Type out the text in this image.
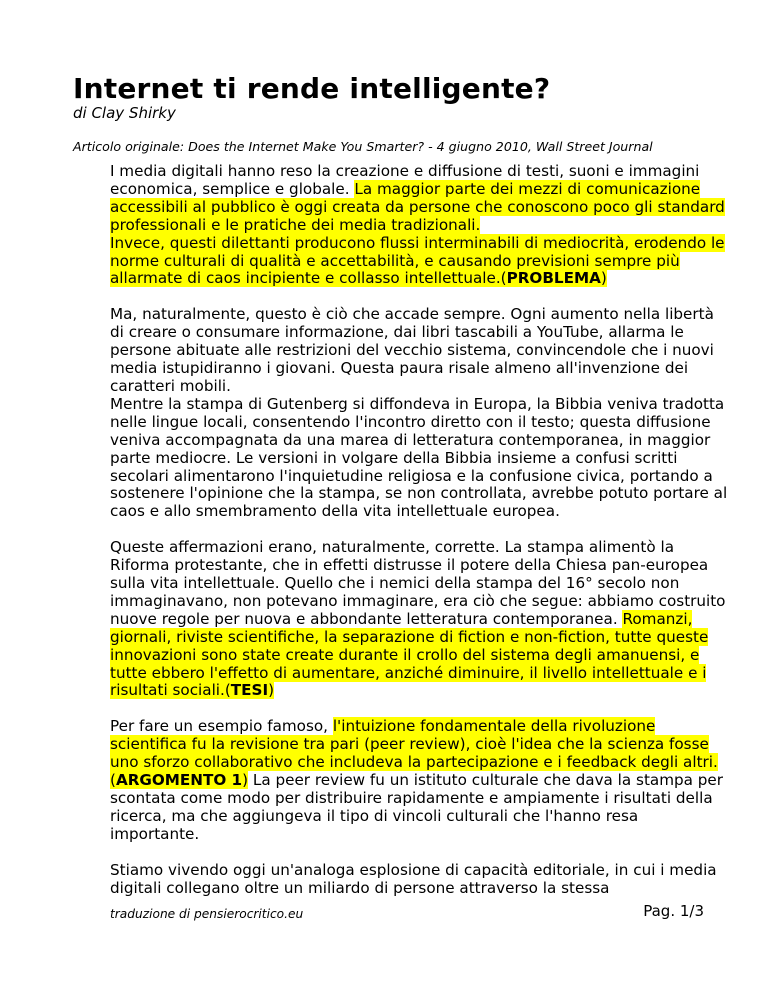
Internet ti rende intelligente?

di Clay Shirky

Articolo originale: Does the Internet Make You Smarter? - 4 giugno 2010, Wall Street Journal

I media digitali hanno reso la creazione e diffusione di testi, suoni e immagini economica, semplice e globale. La maggior parte dei mezzi di comunicazione accessibili al pubblico è oggi creata da persone che conoscono poco gli standard professionali e le pratiche dei media tradizionali.
Invece, questi dilettanti producono flussi interminabili di mediocrità, erodendo le norme culturali di qualità e accettabilità, e causando previsioni sempre più allarmate di caos incipiente e collasso intellettuale.(PROBLEMA)

Ma, naturalmente, questo è ciò che accade sempre. Ogni aumento nella libertà di creare o consumare informazione, dai libri tascabili a YouTube, allarma le persone abituate alle restrizioni del vecchio sistema, convincendole che i nuovi media istupidiranno i giovani. Questa paura risale almeno all'invenzione dei caratteri mobili.
Mentre la stampa di Gutenberg si diffondeva in Europa, la Bibbia veniva tradotta nelle lingue locali, consentendo l'incontro diretto con il testo; questa diffusione veniva accompagnata da una marea di letteratura contemporanea, in maggior parte mediocre. Le versioni in volgare della Bibbia insieme a confusi scritti secolari alimentarono l'inquietudine religiosa e la confusione civica, portando a sostenere l'opinione che la stampa, se non controllata, avrebbe potuto portare al caos e allo smembramento della vita intellettuale europea.

Queste affermazioni erano, naturalmente, corrette. La stampa alimentò la Riforma protestante, che in effetti distrusse il potere della Chiesa pan-europea sulla vita intellettuale. Quello che i nemici della stampa del 16° secolo non immaginavano, non potevano immaginare, era ciò che segue: abbiamo costruito nuove regole per nuova e abbondante letteratura contemporanea. Romanzi, giornali, riviste scientifiche, la separazione di fiction e non-fiction, tutte queste innovazioni sono state create durante il crollo del sistema degli amanuensi, e tutte ebbero l'effetto di aumentare, anziché diminuire, il livello intellettuale e i risultati sociali.(TESI)

Per fare un esempio famoso, l'intuizione fondamentale della rivoluzione scientifica fu la revisione tra pari (peer review), cioè l'idea che la scienza fosse uno sforzo collaborativo che includeva la partecipazione e i feedback degli altri.(ARGOMENTO 1) La peer review fu un istituto culturale che dava la stampa per scontata come modo per distribuire rapidamente e ampiamente i risultati della ricerca, ma che aggiungeva il tipo di vincoli culturali che l'hanno resa importante.

Stiamo vivendo oggi un'analoga esplosione di capacità editoriale, in cui i media digitali collegano oltre un miliardo di persone attraverso la stessa

traduzione di pensierocritico.eu	Pag. 1/3
